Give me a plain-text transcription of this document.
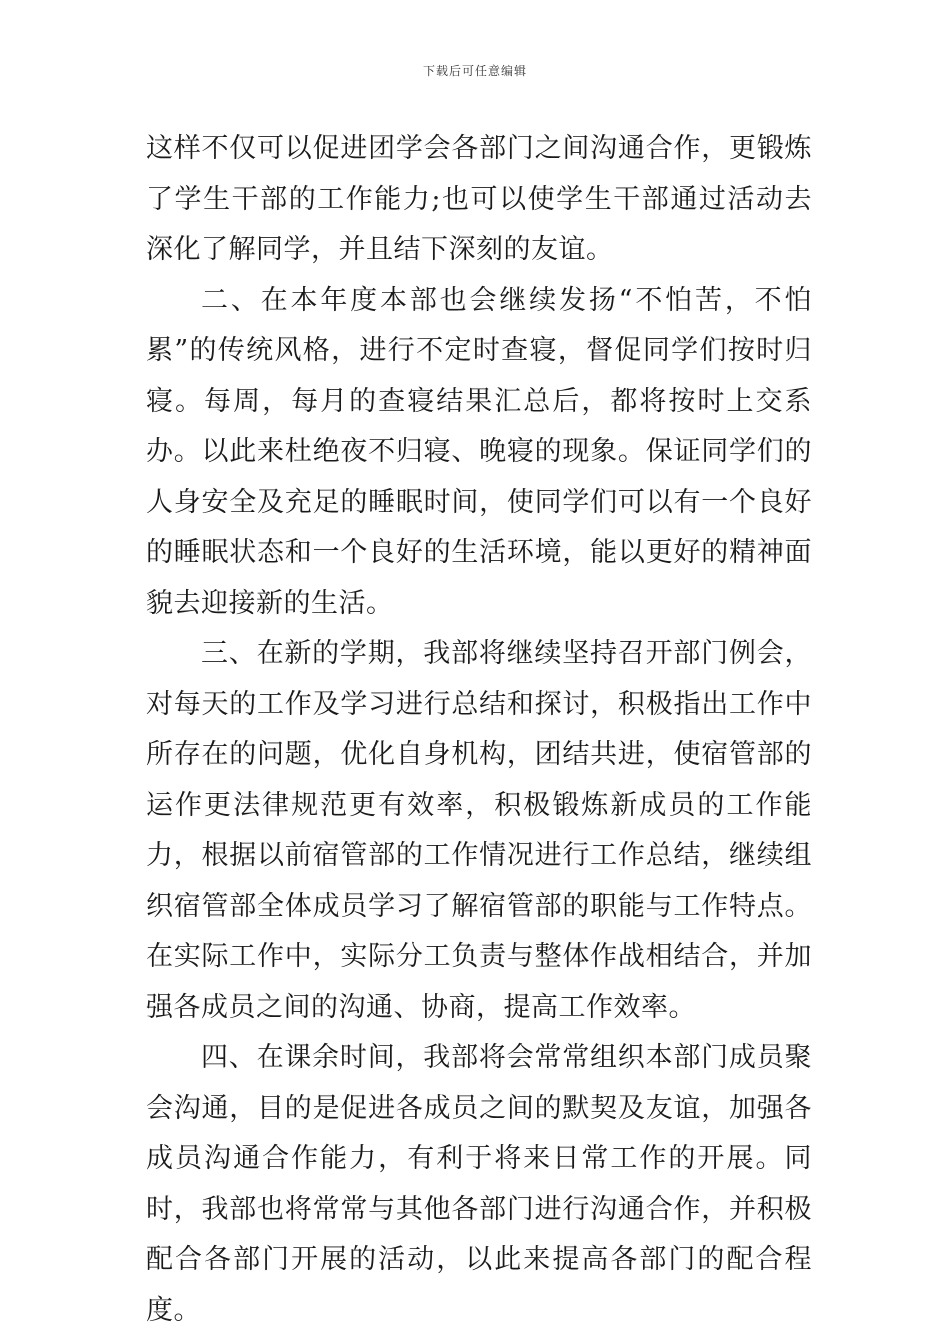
下载后可任意编辑

这样不仅可以促进团学会各部门之间沟通合作，更锻炼了学生干部的工作能力;也可以使学生干部通过活动去深化了解同学，并且结下深刻的友谊。

二、在本年度本部也会继续发扬“不怕苦，不怕累”的传统风格，进行不定时查寝，督促同学们按时归寝。每周，每月的查寝结果汇总后，都将按时上交系办。以此来杜绝夜不归寝、晚寝的现象。保证同学们的人身安全及充足的睡眠时间，使同学们可以有一个良好的睡眠状态和一个良好的生活环境，能以更好的精神面貌去迎接新的生活。

三、在新的学期，我部将继续坚持召开部门例会，对每天的工作及学习进行总结和探讨，积极指出工作中所存在的问题，优化自身机构，团结共进，使宿管部的运作更法律规范更有效率，积极锻炼新成员的工作能力，根据以前宿管部的工作情况进行工作总结，继续组织宿管部全体成员学习了解宿管部的职能与工作特点。在实际工作中，实际分工负责与整体作战相结合，并加强各成员之间的沟通、协商，提高工作效率。

四、在课余时间，我部将会常常组织本部门成员聚会沟通，目的是促进各成员之间的默契及友谊，加强各成员沟通合作能力，有利于将来日常工作的开展。同时，我部也将常常与其他各部门进行沟通合作，并积极配合各部门开展的活动，以此来提高各部门的配合程度。
